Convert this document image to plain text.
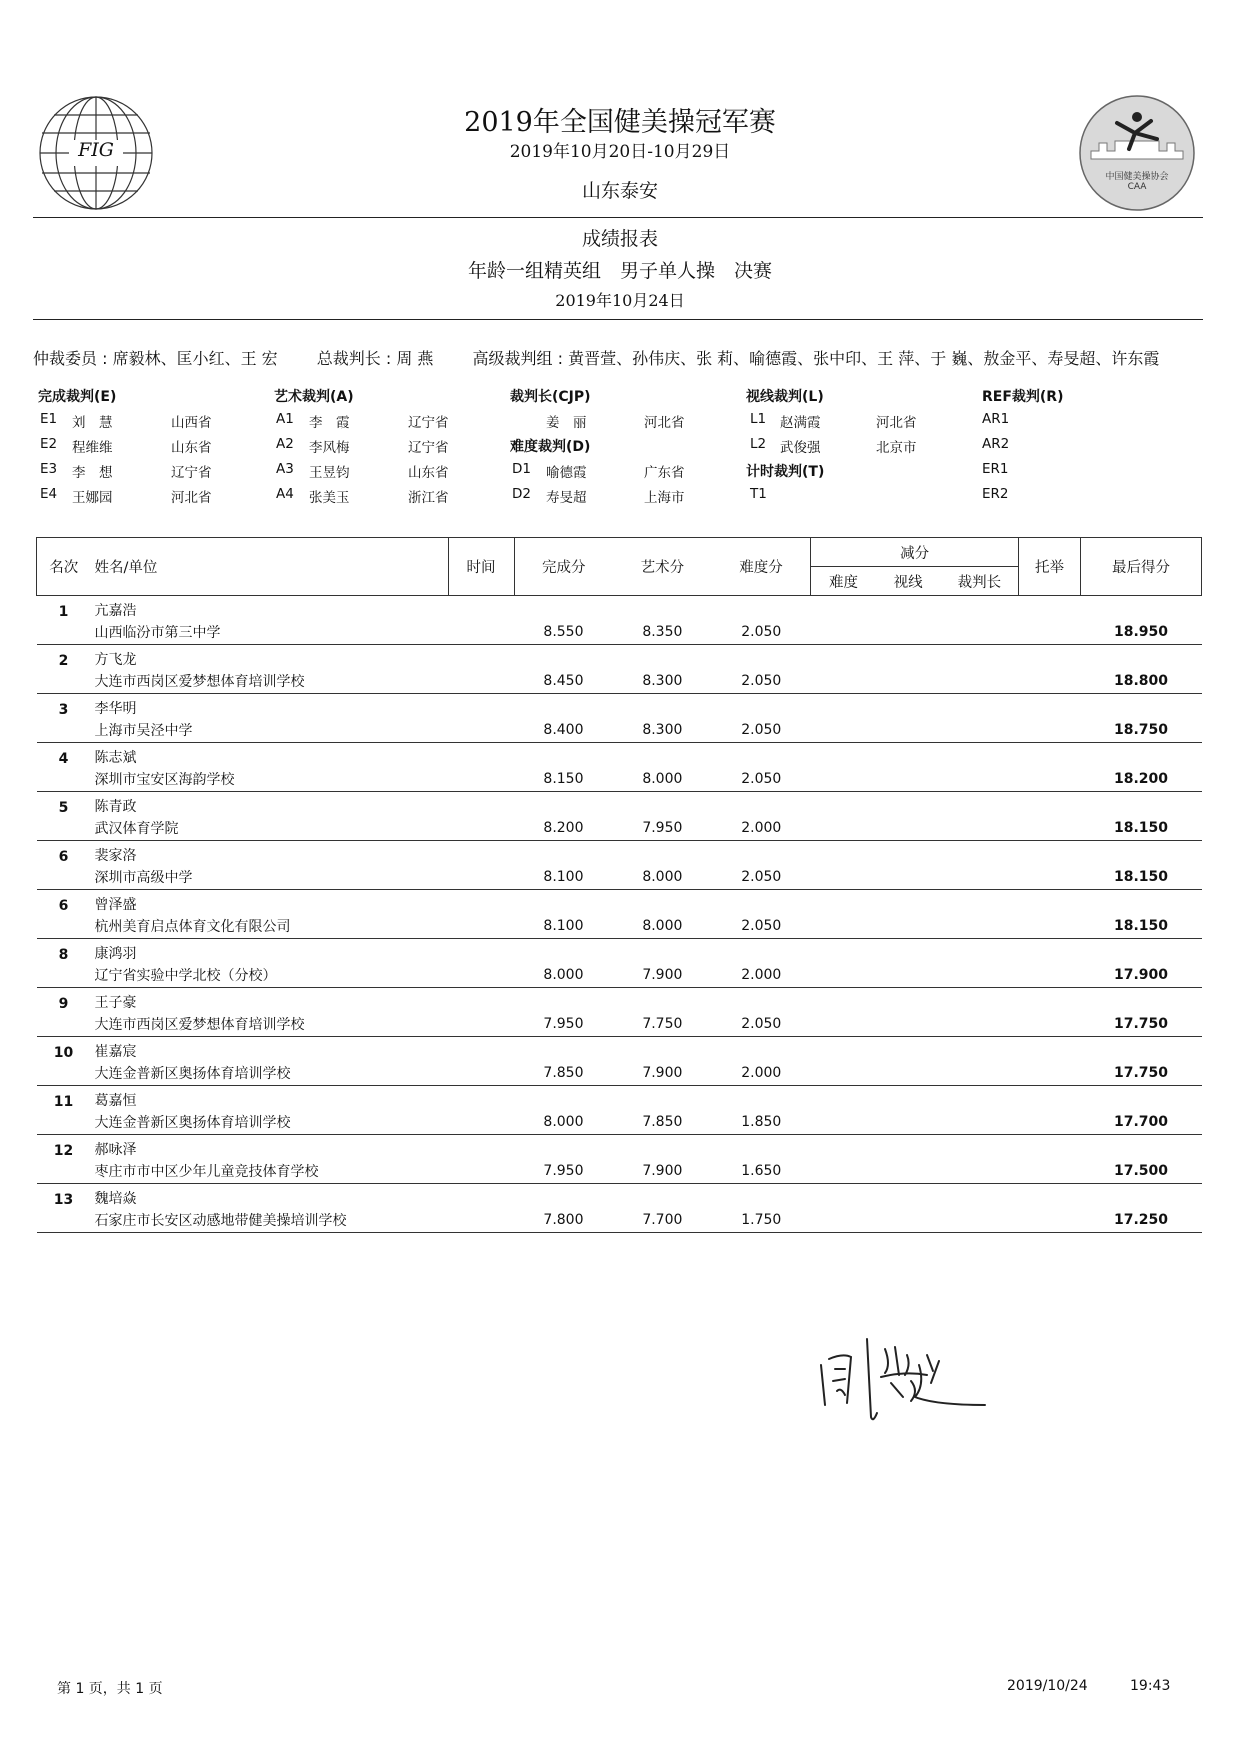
FIG
中国健美操协会
CAA
2019年全国健美操冠军赛
2019年10月20日-10月29日
山东泰安
成绩报表
年龄一组精英组　男子单人操　决赛
2019年10月24日
仲裁委员 : 席毅林、匡小红、王 宏 总裁判长 : 周 燕 高级裁判组 : 黄晋萱、孙伟庆、张 莉、喻德霞、张中印、王 萍、于 巍、敖金平、寿旻超、许东霞
完成裁判(E)
E1 刘　慧	山西省
E2 程维维	山东省
E3 李　想	辽宁省
E4 王娜园	河北省
艺术裁判(A)
A1 李　霞	辽宁省
A2 李风梅	辽宁省
A3 王昱钧	山东省
A4 张美玉	浙江省
裁判长(CJP)
姜　丽	河北省
难度裁判(D)
D1 喻德霞	广东省
D2 寿旻超	上海市
视线裁判(L)
L1 赵满霞	河北省
L2 武俊强	北京市
计时裁判(T)
T1
REF裁判(R)
AR1
AR2
ER1
ER2
名次	姓名/单位	时间	完成分	艺术分	难度分	减分			托举	最后得分
						难度	视线	裁判长		
1	亢嘉浩									
	山西临汾市第三中学		8.550	8.350	2.050					18.950
2	方飞龙									
	大连市西岗区爱梦想体育培训学校		8.450	8.300	2.050					18.800
3	李华明									
	上海市吴泾中学		8.400	8.300	2.050					18.750
4	陈志斌									
	深圳市宝安区海韵学校		8.150	8.000	2.050					18.200
5	陈青政									
	武汉体育学院		8.200	7.950	2.000					18.150
6	裴家洛									
	深圳市高级中学		8.100	8.000	2.050					18.150
6	曾泽盛									
	杭州美育启点体育文化有限公司		8.100	8.000	2.050					18.150
8	康鸿羽									
	辽宁省实验中学北校（分校）		8.000	7.900	2.000					17.900
9	王子豪									
	大连市西岗区爱梦想体育培训学校		7.950	7.750	2.050					17.750
10	崔嘉宸									
	大连金普新区奥扬体育培训学校		7.850	7.900	2.000					17.750
11	葛嘉恒									
	大连金普新区奥扬体育培训学校		8.000	7.850	1.850					17.700
12	郝咏泽									
	枣庄市市中区少年儿童竞技体育学校		7.950	7.900	1.650					17.500
13	魏培焱									
	石家庄市长安区动感地带健美操培训学校		7.800	7.700	1.750					17.250
第 1 页，共 1 页	2019/10/24	19:43
